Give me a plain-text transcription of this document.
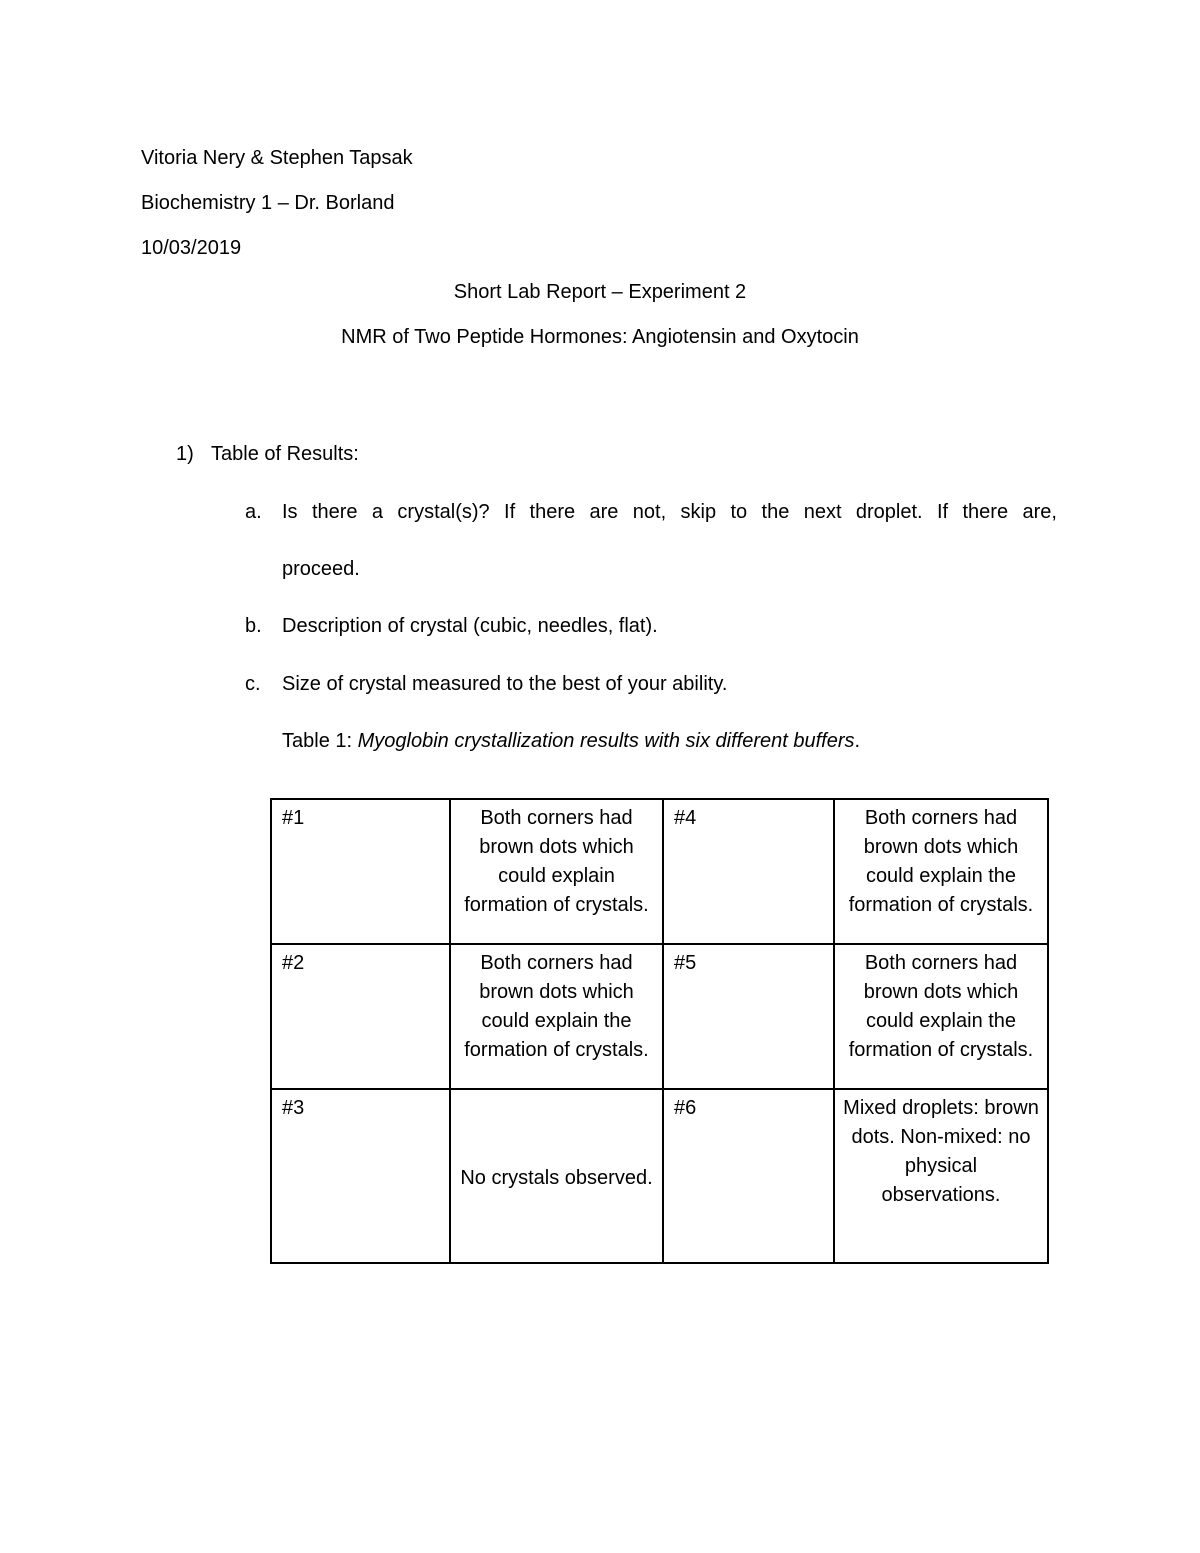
Vitoria Nery & Stephen Tapsak
Biochemistry 1 – Dr. Borland
10/03/2019
Short Lab Report – Experiment 2
NMR of Two Peptide Hormones: Angiotensin and Oxytocin
1) Table of Results:
a. Is there a crystal(s)? If there are not, skip to the next droplet. If there are,
proceed.
b. Description of crystal (cubic, needles, flat).
c. Size of crystal measured to the best of your ability.
Table 1: Myoglobin crystallization results with six different buffers.
#1	Both corners had brown dots which could explain formation of crystals.	#4	Both corners had brown dots which could explain the formation of crystals.
#2	Both corners had brown dots which could explain the formation of crystals.	#5	Both corners had brown dots which could explain the formation of crystals.
#3	No crystals observed.	#6	Mixed droplets: brown dots. Non-mixed: no physical observations.
